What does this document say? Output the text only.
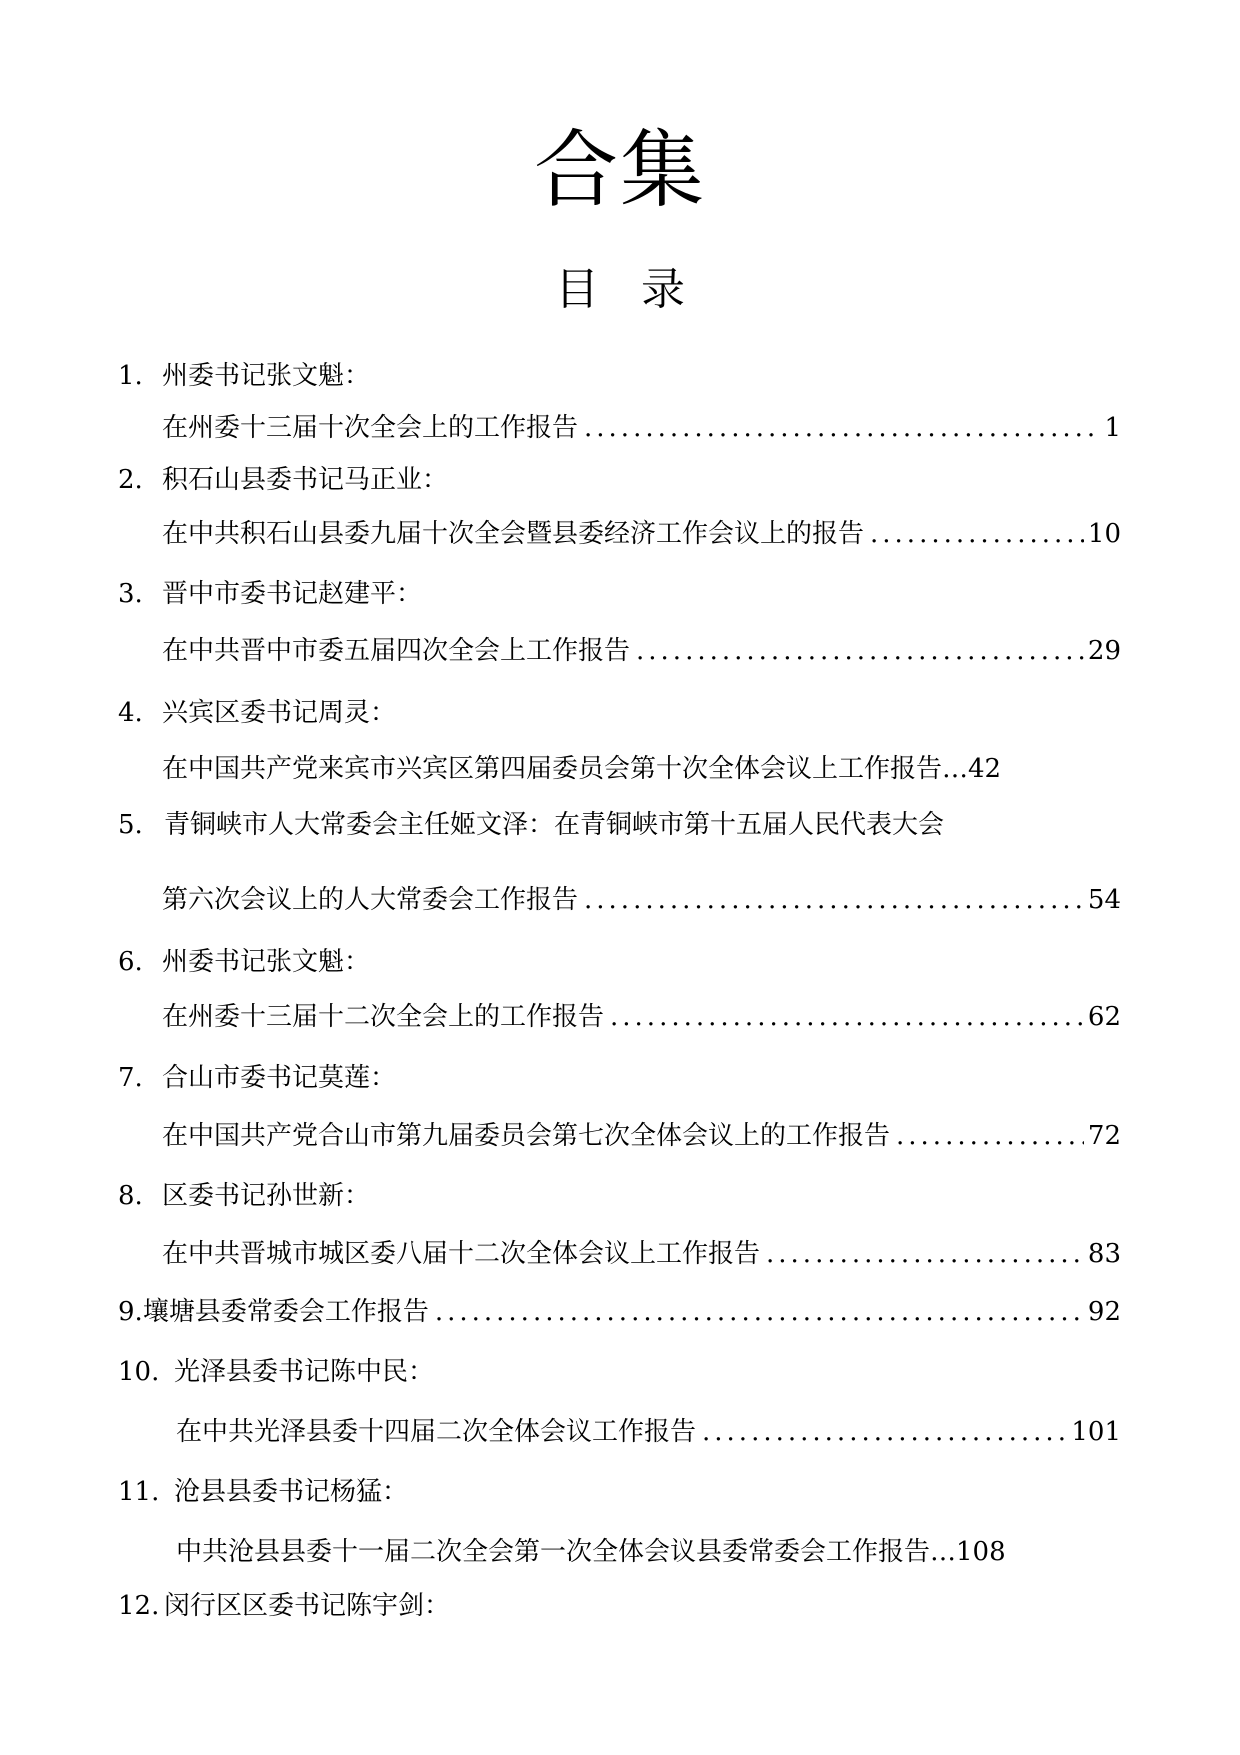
合集
目 录
1. 州委书记张文魁：
在州委十三届十次全会上的工作报告 .....	1
2. 积石山县委书记马正业：
在中共积石山县委九届十次全会暨县委经济工作会议上的报告 .....	10
3. 晋中市委书记赵建平：
在中共晋中市委五届四次全会上工作报告 .....	29
4. 兴宾区委书记周灵：
在中国共产党来宾市兴宾区第四届委员会第十次全体会议上工作报告	… 42
5. 青铜峡市人大常委会主任姬文泽：在青铜峡市第十五届人民代表大会
第六次会议上的人大常委会工作报告 .....	54
6. 州委书记张文魁：
在州委十三届十二次全会上的工作报告 .....	62
7. 合山市委书记莫莲：
在中国共产党合山市第九届委员会第七次全体会议上的工作报告 .....	72
8. 区委书记孙世新：
在中共晋城市城区委八届十二次全体会议上工作报告 .....	83
9. 壤塘县委常委会工作报告 .....	92
10. 光泽县委书记陈中民：
在中共光泽县委十四届二次全体会议工作报告 .....	101
11. 沧县县委书记杨猛：
中共沧县县委十一届二次全会第一次全体会议县委常委会工作报告	… 108
12. 闵行区区委书记陈宇剑：
